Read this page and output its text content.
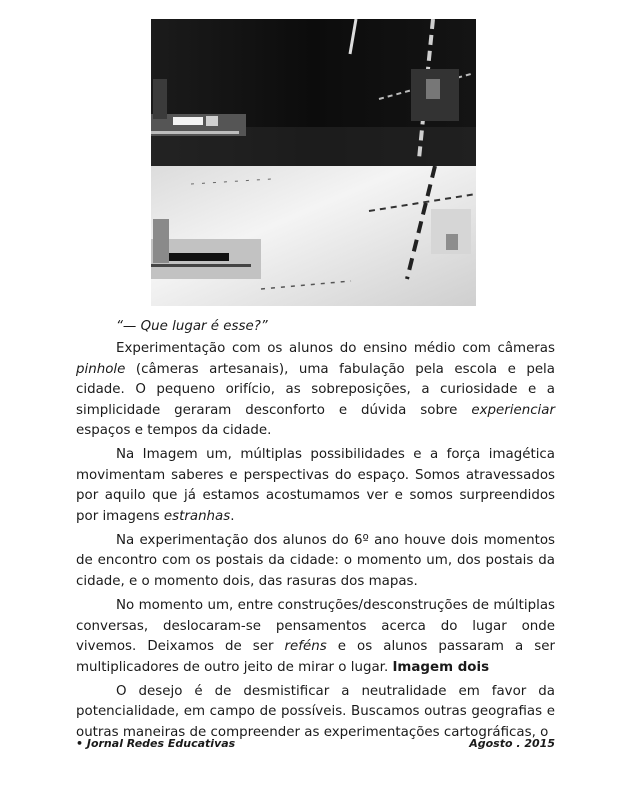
“— Que lugar é esse?”

Experimentação com os alunos do ensino médio com câmeras pinhole (câmeras artesanais), uma fabulação pela escola e pela cidade. O pequeno orifício, as sobreposições, a curiosidade e a simplicidade geraram desconforto e dúvida sobre experienciar espaços e tempos da cidade.

Na Imagem um, múltiplas possibilidades e a força imagética movimentam saberes e perspectivas do espaço. Somos atravessados por aquilo que já estamos acostumamos ver e somos surpreendidos por imagens estranhas.

Na experimentação dos alunos do 6º ano houve dois momentos de encontro com os postais da cidade: o momento um, dos postais da cidade, e o momento dois, das rasuras dos mapas.

No momento um, entre construções/desconstruções de múltiplas conversas, deslocaram-se pensamentos acerca do lugar onde vivemos. Deixamos de ser reféns e os alunos passaram a ser multiplicadores de outro jeito de mirar o lugar. Imagem dois

O desejo é de desmistificar a neutralidade em favor da potencialidade, em campo de possíveis. Buscamos outras geografias e outras maneiras de compreender as experimentações cartográficas, o

• Jornal Redes Educativas	Agosto . 2015
